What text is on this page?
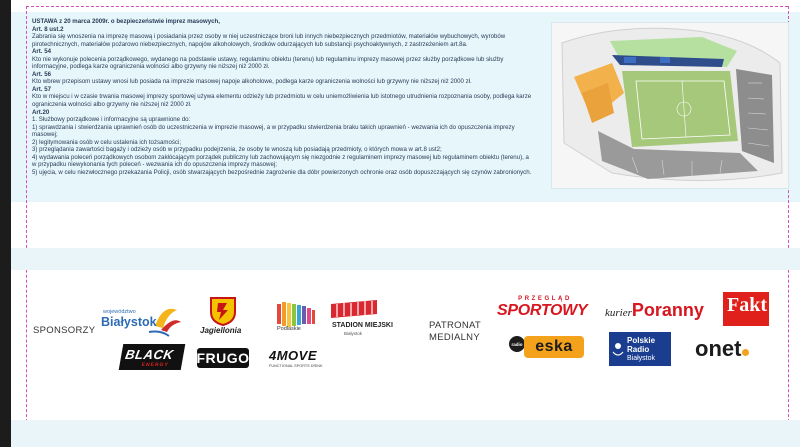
USTAWA z 20 marca 2009r. o bezpieczeństwie imprez masowych,

Art. 8 ust.2

Zabrania się wnoszenia na imprezę masową i posiadania przez osoby w niej uczestniczące broni lub innych niebezpiecznych przedmiotów, materiałów wybuchowych, wyrobów pirotechnicznych, materiałów pożarowo niebezpiecznych, napojów alkoholowych, środków odurzających lub substancji psychoaktywnych, z zastrzeżeniem art.8a.

Art. 54

Kto nie wykonuje polecenia porządkowego, wydanego na podstawie ustawy, regulaminu obiektu (terenu) lub regulaminu imprezy masowej przez służby porządkowe lub służby informacyjne, podlega karze ograniczenia wolności albo grzywny nie niższej niż 2000 zł.

Art. 56

Kto wbrew przepisom ustawy wnosi lub posiada na imprezie masowej napoje alkoholowe, podlega karze ograniczenia wolności lub grzywny nie niższej niż 2000 zł.

Art. 57

Kto w miejscu i w czasie trwania masowej imprezy sportowej używa elementu odzieży lub przedmiotu w celu uniemożliwienia lub istotnego utrudnienia rozpoznania osoby, podlega karze ograniczenia wolności albo grzywny nie niższej niż 2000 zł.

Art.20

1. Służbowy porządkowe i informacyjne są uprawnione do:

1) sprawdzania i stwierdzania uprawnień osób do uczestniczenia w imprezie masowej, a w przypadku stwierdzenia braku takich uprawnień - wezwania ich do opuszczenia imprezy masowej;

2) legitymowania osób w celu ustalenia ich tożsamości;

3) przeglądania zawartości bagaży i odzieży osób w przypadku podejrzenia, że osoby te wnoszą lub posiadają przedmioty, o których mowa w art.8 ust2;

4) wydawania poleceń porządkowych osobom zakłócającym porządek publiczny lub zachowującym się niezgodnie z regulaminem imprezy masowej lub regulaminem obiektu (terenu), a w przypadku niewykonania tych poleceń - wezwania ich do opuszczenia imprezy masowej;

5) ujęcia, w celu niezwłocznego przekazania Policji, osób stwarzających bezpośrednie zagrożenie dla dóbr powierzonych ochronie oraz osób dopuszczających się czynów zabronionych.

SPONSORZY
województwo
Białystok
Jagiellonia	Podlaskie	STADION MIEJSKI
Białystok
BLACK
ENERGY FRUGO 4MOVE
FUNCTIONAL SPORTS DRINK
PATRONAT
MEDIALNY
PRZEGLĄD
SPORTOWY	kurierPoranny	Fakt
radio eska	Polskie
Radio
Białystok onet
